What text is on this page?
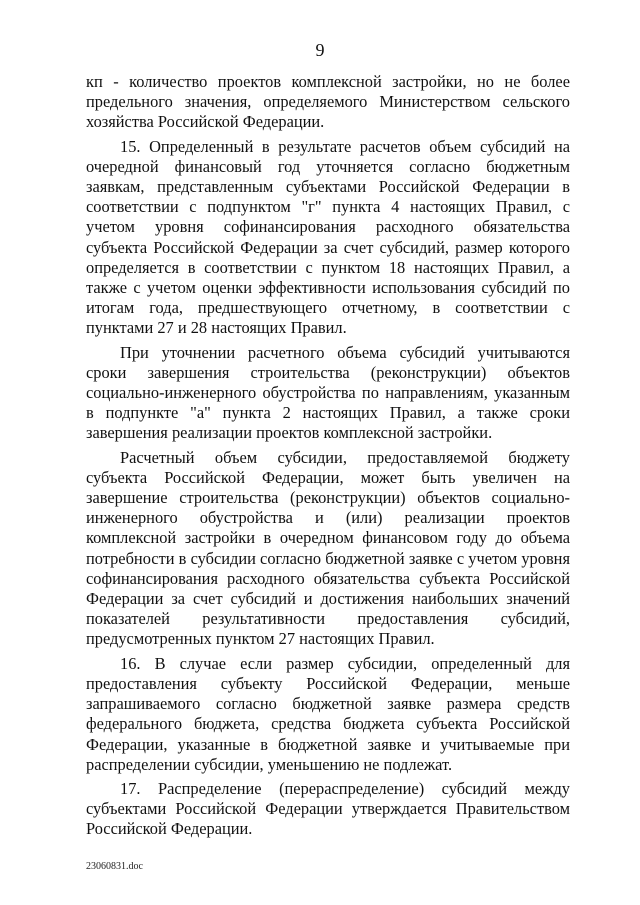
9

кп - количество проектов комплексной застройки, но не более предельного значения, определяемого Министерством сельского хозяйства Российской Федерации.

15. Определенный в результате расчетов объем субсидий на очередной финансовый год уточняется согласно бюджетным заявкам, представленным субъектами Российской Федерации в соответствии с подпунктом "г" пункта 4 настоящих Правил, с учетом уровня софинансирования расходного обязательства субъекта Российской Федерации за счет субсидий, размер которого определяется в соответствии с пунктом 18 настоящих Правил, а также с учетом оценки эффективности использования субсидий по итогам года, предшествующего отчетному, в соответствии с пунктами 27 и 28 настоящих Правил.

При уточнении расчетного объема субсидий учитываются сроки завершения строительства (реконструкции) объектов социально-инженерного обустройства по направлениям, указанным в подпункте "а" пункта 2 настоящих Правил, а также сроки завершения реализации проектов комплексной застройки.

Расчетный объем субсидии, предоставляемой бюджету субъекта Российской Федерации, может быть увеличен на завершение строительства (реконструкции) объектов социально-инженерного обустройства и (или) реализации проектов комплексной застройки в очередном финансовом году до объема потребности в субсидии согласно бюджетной заявке с учетом уровня софинансирования расходного обязательства субъекта Российской Федерации за счет субсидий и достижения наибольших значений показателей результативности предоставления субсидий, предусмотренных пунктом 27 настоящих Правил.

16. В случае если размер субсидии, определенный для предоставления субъекту Российской Федерации, меньше запрашиваемого согласно бюджетной заявке размера средств федерального бюджета, средства бюджета субъекта Российской Федерации, указанные в бюджетной заявке и учитываемые при распределении субсидии, уменьшению не подлежат.

17. Распределение (перераспределение) субсидий между субъектами Российской Федерации утверждается Правительством Российской Федерации.

23060831.doc
